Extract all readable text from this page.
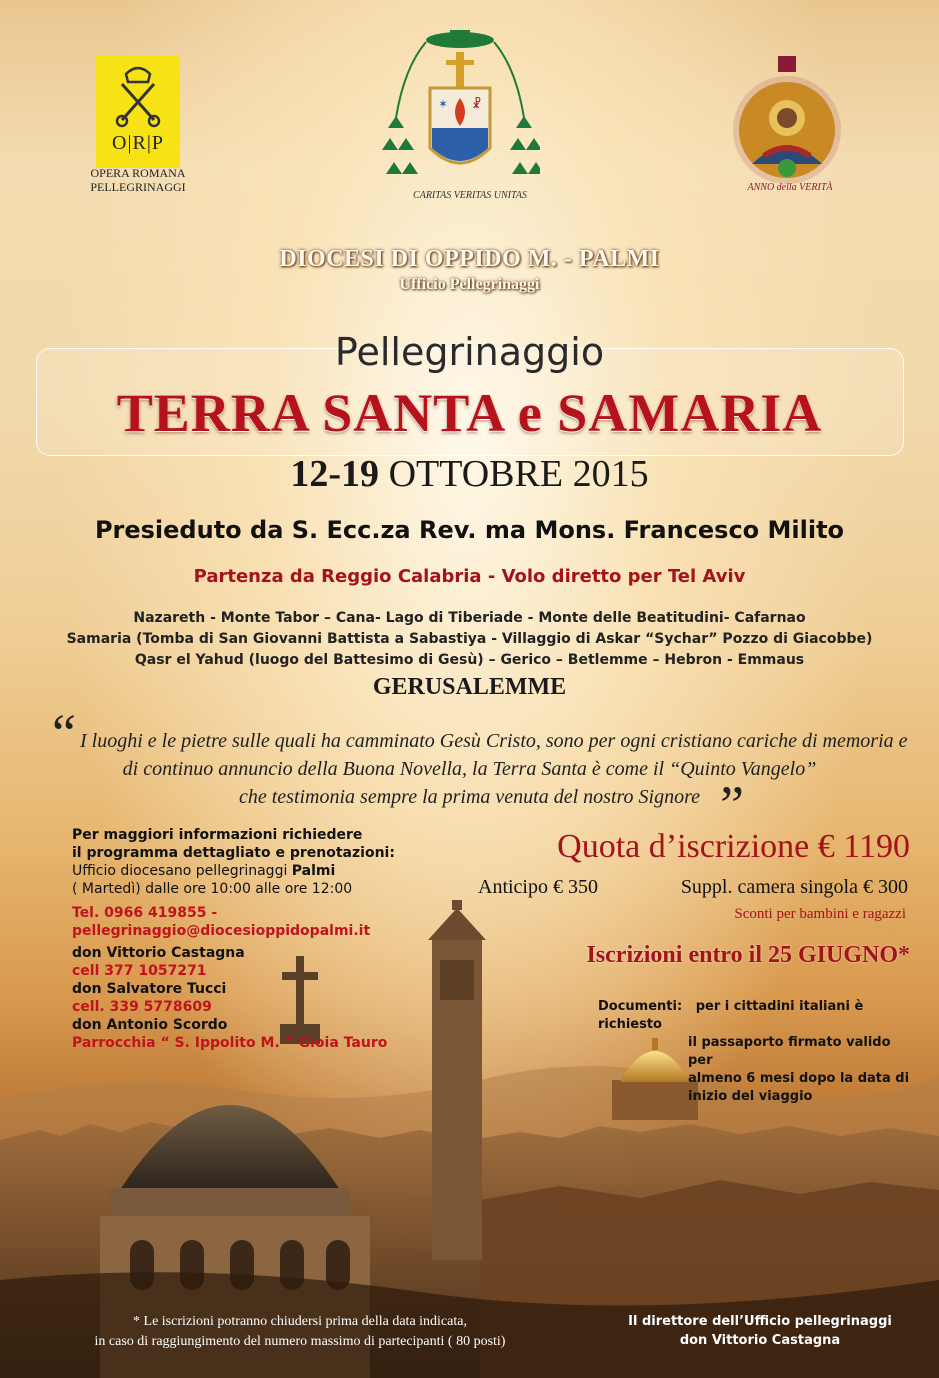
O|R|P
OPERA ROMANA
PELLEGRINAGGI
☧
✶
CARITAS VERITAS UNITAS
ANNO della VERITÀ
DIOCESI DI OPPIDO M. - PALMI
Ufficio Pellegrinaggi
Pellegrinaggio
TERRA SANTA e SAMARIA
12-19 OTTOBRE 2015
Presieduto da S. Ecc.za Rev. ma Mons. Francesco Milito
Partenza da Reggio Calabria - Volo diretto per Tel Aviv
Nazareth - Monte Tabor – Cana- Lago di Tiberiade - Monte delle Beatitudini- Cafarnao
Samaria (Tomba di San Giovanni Battista a Sabastiya - Villaggio di Askar “Sychar” Pozzo di Giacobbe)
Qasr el Yahud (luogo del Battesimo di Gesù) – Gerico – Betlemme – Hebron - Emmaus
GERUSALEMME
“ I luoghi e le pietre sulle quali ha camminato Gesù Cristo, sono per ogni cristiano cariche di memoria e
di continuo annuncio della Buona Novella, la Terra Santa è come il “Quinto Vangelo”
che testimonia sempre la prima venuta del nostro Signore ”
Per maggiori informazioni richiedere
il programma dettagliato e prenotazioni:
Ufficio diocesano pellegrinaggi Palmi
( Martedì) dalle ore 10:00 alle ore 12:00
Tel. 0966 419855 - pellegrinaggio@diocesioppidopalmi.it
don Vittorio Castagna
cell 377 1057271
don Salvatore Tucci
cell. 339 5778609
don Antonio Scordo
Parrocchia “ S. Ippolito M. ” Gioia Tauro
Quota d’iscrizione € 1190
Anticipo € 350	Suppl. camera singola € 300
Sconti per bambini e ragazzi
Iscrizioni entro il 25 GIUGNO*
Documenti: per i cittadini italiani è richiesto
il passaporto firmato valido per
almeno 6 mesi dopo la data di
inizio del viaggio
* Le iscrizioni potranno chiudersi prima della data indicata,
in caso di raggiungimento del numero massimo di partecipanti ( 80 posti)
Il direttore dell’Ufficio pellegrinaggi
don Vittorio Castagna
